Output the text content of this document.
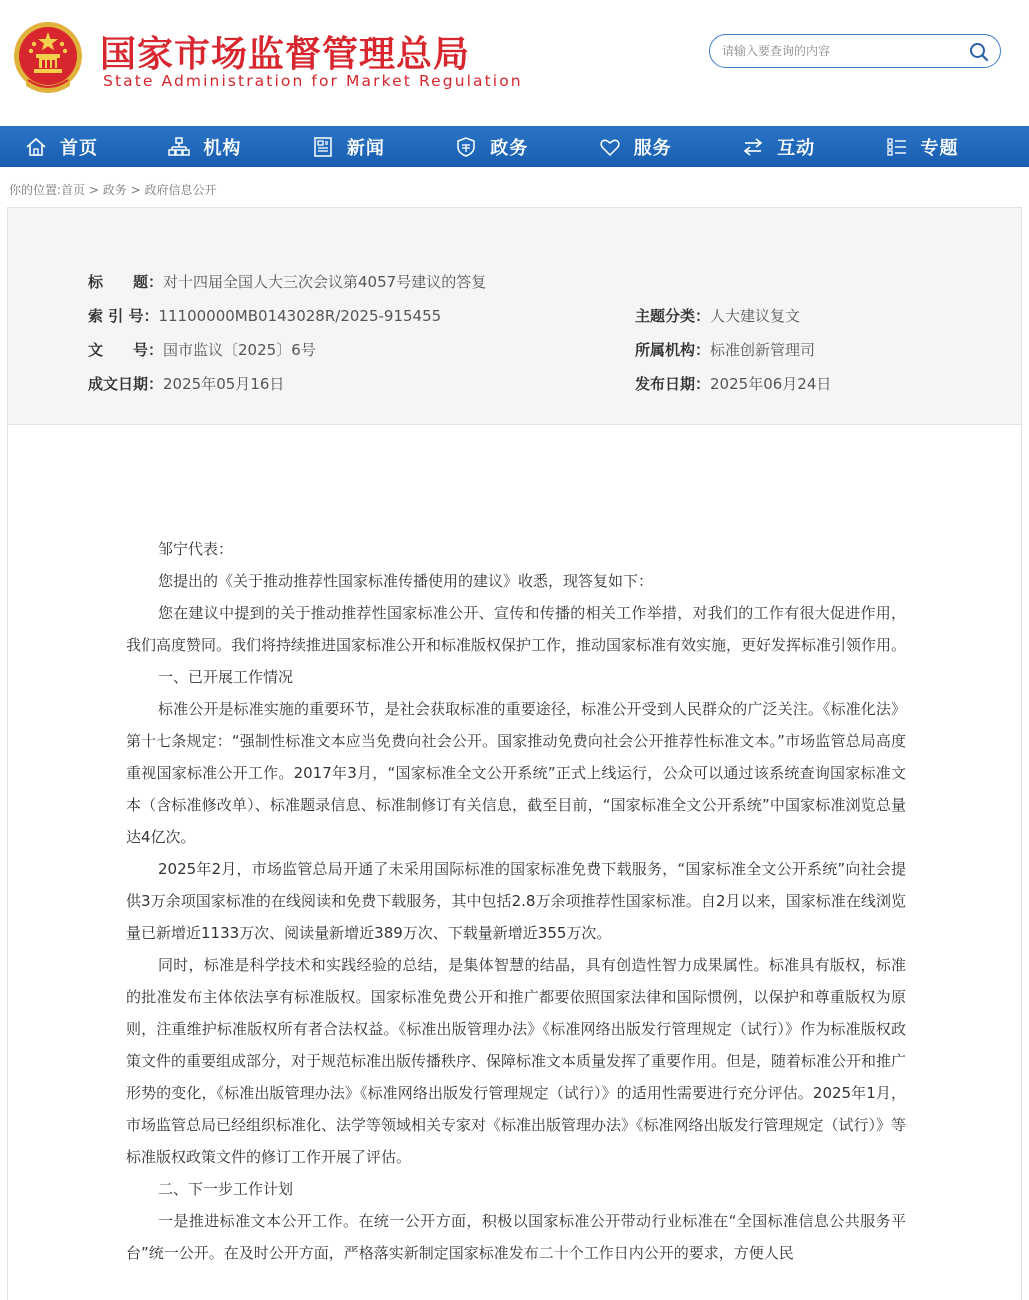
国家市场监督管理总局
State Administration for Market Regulation
请输入要查询的内容
首页	机构	新闻	政务	服务	互动	专题
你的位置:首页 > 政务 > 政府信息公开
标　　题：对十四届全国人大三次会议第4057号建议的答复
索 引 号：11100000MB0143028R/2025-915455	主题分类：人大建议复文
文　　号：国市监议〔2025〕6号	所属机构：标准创新管理司
成文日期：2025年05月16日	发布日期：2025年06月24日

邹宁代表：

您提出的《关于推动推荐性国家标准传播使用的建议》收悉，现答复如下：

您在建议中提到的关于推动推荐性国家标准公开、宣传和传播的相关工作举措，对我们的工作有很大促进作用，我们高度赞同。我们将持续推进国家标准公开和标准版权保护工作，推动国家标准有效实施，更好发挥标准引领作用。

一、已开展工作情况

标准公开是标准实施的重要环节，是社会获取标准的重要途径，标准公开受到人民群众的广泛关注。《标准化法》第十七条规定：“强制性标准文本应当免费向社会公开。国家推动免费向社会公开推荐性标准文本。”市场监管总局高度重视国家标准公开工作。2017年3月，“国家标准全文公开系统”正式上线运行，公众可以通过该系统查询国家标准文本（含标准修改单）、标准题录信息、标准制修订有关信息，截至目前，“国家标准全文公开系统”中国家标准浏览总量达4亿次。

2025年2月，市场监管总局开通了未采用国际标准的国家标准免费下载服务，“国家标准全文公开系统”向社会提供3万余项国家标准的在线阅读和免费下载服务，其中包括2.8万余项推荐性国家标准。自2月以来，国家标准在线浏览量已新增近1133万次、阅读量新增近389万次、下载量新增近355万次。

同时，标准是科学技术和实践经验的总结，是集体智慧的结晶，具有创造性智力成果属性。标准具有版权，标准的批准发布主体依法享有标准版权。国家标准免费公开和推广都要依照国家法律和国际惯例，以保护和尊重版权为原则，注重维护标准版权所有者合法权益。《标准出版管理办法》《标准网络出版发行管理规定（试行）》作为标准版权政策文件的重要组成部分，对于规范标准出版传播秩序、保障标准文本质量发挥了重要作用。但是，随着标准公开和推广形势的变化，《标准出版管理办法》《标准网络出版发行管理规定（试行）》的适用性需要进行充分评估。2025年1月，市场监管总局已经组织标准化、法学等领域相关专家对《标准出版管理办法》《标准网络出版发行管理规定（试行）》等标准版权政策文件的修订工作开展了评估。

二、下一步工作计划

一是推进标准文本公开工作。在统一公开方面，积极以国家标准公开带动行业标准在“全国标准信息公共服务平台”统一公开。在及时公开方面，严格落实新制定国家标准发布二十个工作日内公开的要求，方便人民
